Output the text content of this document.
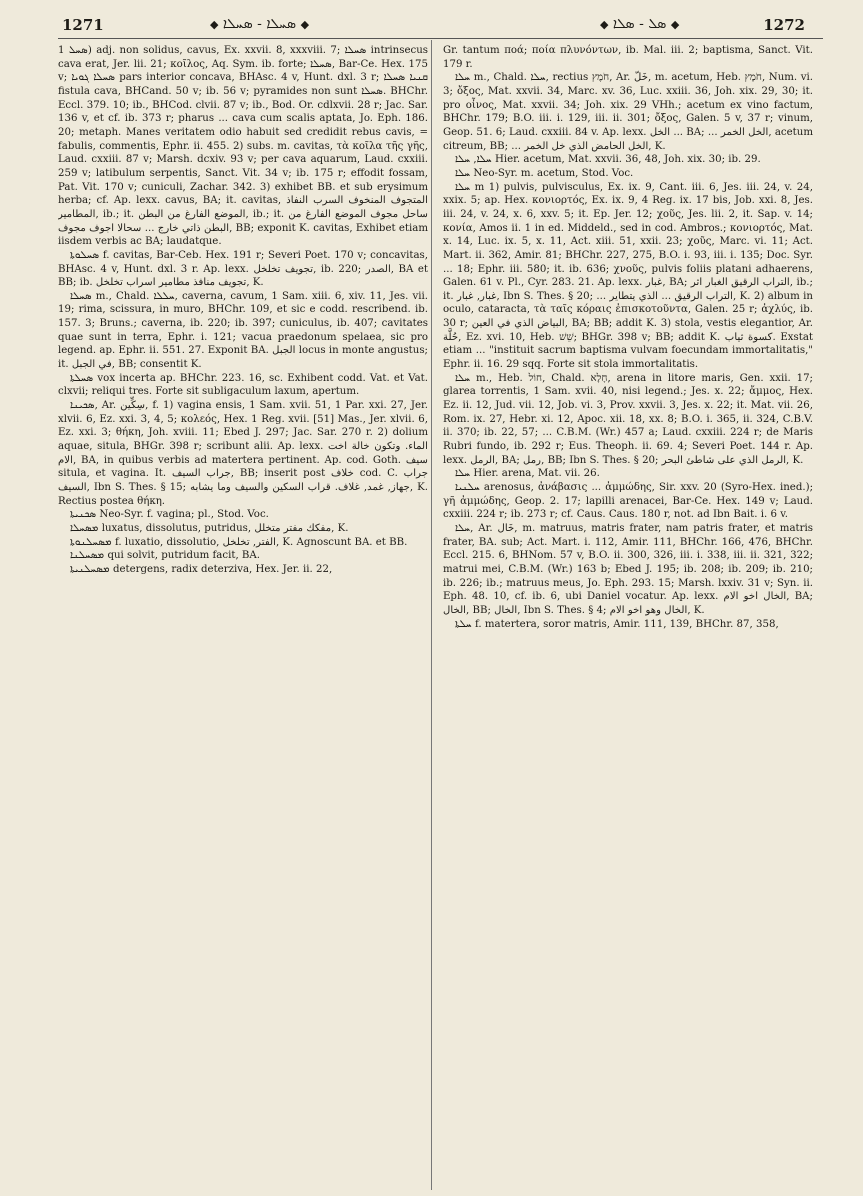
1271	◆ ܣܚܠܐ - ܣܚܠܐ ◆	◆ ܣܠ - ܣܠܐ ◆	1272

ܣܚܠ 1) adj. non solidus, cavus, Ex. xxvii. 8, xxxviii. 7; ܣܚܠܐ intrinsecus cava erat, Jer. lii. 21; κοῖλος, Aq. Sym. ib. forte; ܣܚܠܐ, Bar-Ce. Hex. 175 v; ܣܚܠܐ ܓܘܝܐ pars interior concava, BHAsc. 4 v, Hunt. dxl. 3 r; ܩܢܝܐ ܣܚܠܐ fistula cava, BHCand. 50 v; ib. 56 v; pyramides non sunt ܣܚܠܐ. BHChr. Eccl. 379. 10; ib., BHCod. clvii. 87 v; ib., Bod. Or. cdlxvii. 28 r; Jac. Sar. 136 v, et cf. ib. 373 r; pharus ... cava cum scalis aptata, Jo. Eph. 186. 20; metaph. Manes veritatem odio habuit sed credidit rebus cavis, = fabulis, commentis, Ephr. ii. 455. 2) subs. m. cavitas, τὰ κοῖλα τῆς γῆς, Laud. cxxiii. 87 v; Marsh. dcxiv. 93 v; per cava aquarum, Laud. cxxiii. 259 v; latibulum serpentis, Sanct. Vit. 34 v; ib. 175 r; effodit fossam, Pat. Vit. 170 v; cuniculi, Zachar. 342. 3) exhibet BB. et sub erysimum herba; cf. Ap. lexx. cavus, BA; it. cavitas, المتجوف المنخوف السرب النفاذ المطامير, ib.; it. الموضع الفارغ من البطن, ib.; it. ساحل مجوف الموضع الفارغ من البطن ذاتي خارج ... سحالا اجوف مجوف, BB; exponit K. cavitas, Exhibet etiam iisdem verbis ac BA; laudatque.

ܣܚܠܘܬܐ f. cavitas, Bar-Ceb. Hex. 191 r; Severi Poet. 170 v; concavitas, BHAsc. 4 v, Hunt. dxl. 3 r. Ap. lexx. تجويف تخلخل, ib. 220; الصدر, BA et BB; ib. تجويف منافذ مطامير اسراب تخلخل, K.

ܣܚܠܐ m., Chald. ܚܠܠܐ, caverna, cavum, 1 Sam. xiii. 6, xiv. 11, Jes. vii. 19; rima, scissura, in muro, BHChr. 109, et sic e codd. rescribend. ib. 157. 3; Bruns.; caverna, ib. 220; ib. 397; cuniculus, ib. 407; cavitates quae sunt in terra, Ephr. i. 121; vacua praedonum spelaea, sic pro legend. ap. Ephr. ii. 551. 27. Exponit BA. الجبل locus in monte angustus; it. في الجبل, BB; consentit K.

ܣܚܠܬܐ vox incerta ap. BHChr. 223. 16, sc. Exhibent codd. Vat. et Vat. clxvii; reliqui tres. Forte sit subligaculum laxum, apertum.

ܣܟܝܢܐ, Ar. سِكِّين, f. 1) vagina ensis, 1 Sam. xvii. 51, 1 Par. xxi. 27, Jer. xlvii. 6, Ez. xxi. 3, 4, 5; κολεός, Hex. 1 Reg. xvii. [51] Mas., Jer. xlvii. 6, Ez. xxi. 3; θήκη, Joh. xviii. 11; Ebed J. 297; Jac. Sar. 270 r. 2) dolium aquae, situla, BHGr. 398 r; scribunt alii. Ap. lexx. الماء. وتكون خالة اخت الام, BA, in quibus verbis ad matertera pertinent. Ap. cod. Goth. سيف situla, et vagina. It. جراب السيف, BB; inserit post خلاف cod. C. جراب السيف, Ibn S. Thes. § 15; جهاز, غمد, غلاف. قراب السكين والسيف وما يشابه, K. Rectius postea θήκη.

ܣܟܢܝܬܐ Neo-Syr. f. vagina; pl., Stod. Voc.

ܡܣܚܠܐ luxatus, dissolutus, putridus, مفكك مفتر متخلل, K.

ܡܣܚܠܢܘܬܐ f. luxatio, dissolutio, الفتر, تخلخل, K. Agnoscunt BA. et BB.

ܡܣܚܠܢܐ qui solvit, putridum facit, BA.

ܡܣܚܠܢܝܬܐ detergens, radix deterziva, Hex. Jer. ii. 22,

Gr. tantum ποά; ποία πλυνόντων, ib. Mal. iii. 2; baptisma, Sanct. Vit. 179 r.

ܚܠܐ m., Chald. ܚܠܐ, rectius חֹמֶץ, Ar. خَلّ, m. acetum, Heb. חֹמֶץ, Num. vi. 3; ὄξος, Mat. xxvii. 34, Marc. xv. 36, Luc. xxiii. 36, Joh. xix. 29, 30; it. pro οἶνος, Mat. xxvii. 34; Joh. xix. 29 VHh.; acetum ex vino factum, BHChr. 179; B.O. iii. i. 129, iii. ii. 301; ὄξος, Galen. 5 v, 37 r; vinum, Geop. 51. 6; Laud. cxxiii. 84 v. Ap. lexx. الخل ... BA; ... الخل الخمر, acetum citreum, BB; ... الخل الحامض الذي خل الخمر, K.

ܚܠܐ, ܚܠܐ Hier. acetum, Mat. xxvii. 36, 48, Joh. xix. 30; ib. 29.

ܚܠܐ Neo-Syr. m. acetum, Stod. Voc.

ܚܠܐ m 1) pulvis, pulvisculus, Ex. ix. 9, Cant. iii. 6, Jes. iii. 24, v. 24, xxix. 5; ap. Hex. κονιορτός, Ex. ix. 9, 4 Reg. ix. 17 bis, Job. xxi. 8, Jes. iii. 24, v. 24, x. 6, xxv. 5; it. Ep. Jer. 12; χοῦς, Jes. lii. 2, it. Sap. v. 14; κονία, Amos ii. 1 in ed. Middeld., sed in cod. Ambros.; κονιορτός, Mat. x. 14, Luc. ix. 5, x. 11, Act. xiii. 51, xxii. 23; χοῦς, Marc. vi. 11; Act. Mart. ii. 362, Amir. 81; BHChr. 227, 275, B.O. i. 93, iii. i. 135; Doc. Syr. ... 18; Ephr. iii. 580; it. ib. 636; χνοῦς, pulvis foliis platani adhaerens, Galen. 61 v. Pl., Cyr. 283. 21. Ap. lexx. غبار, BA; التراب الرقيق الغبار اثر, ib.; it. غبار, غبار, Ibn S. Thes. § 20; ... التراب الرقيق ... الذي يتطاير, K. 2) album in oculo, cataracta, τὰ ταῖς κόραις ἐπισκοτοῦντα, Galen. 25 r; ἀχλύς, ib. 30 r; البياض الذي في العين, BA; BB; addit K. 3) stola, vestis elegantior, Ar. حُلَّة, Ez. xvi. 10, Heb. שֵׁשׁ; BHGr. 398 v; BB; addit K. كسوة ثياب. Exstat etiam ... "instituit sacrum baptisma vulvam foecundam immortalitatis," Ephr. ii. 16. 29 sqq. Forte sit stola immortalitatis.

ܚܠܐ m., Heb. חוֹל, Chald. חָלָא, arena in litore maris, Gen. xxii. 17; glarea torrentis, 1 Sam. xvii. 40, nisi legend.; Jes. x. 22; ἄμμος, Hex. Ez. ii. 12, Jud. vii. 12, Job. vi. 3, Prov. xxvii. 3, Jes. x. 22; it. Mat. vii. 26, Rom. ix. 27, Hebr. xi. 12, Apoc. xii. 18, xx. 8; B.O. i. 365, ii. 324, C.B.V. ii. 370; ib. 22, 57; ... C.B.M. (Wr.) 457 a; Laud. cxxiii. 224 r; de Maris Rubri fundo, ib. 292 r; Eus. Theoph. ii. 69. 4; Severi Poet. 144 r. Ap. lexx. الرمل, BA; رمل, BB; Ibn S. Thes. § 20; الرمل الذي على شاطئ البحر, K.

ܚܠܐ Hier. arena, Mat. vii. 26.

ܚܠܢܝܐ arenosus, ἀνάβασις ... ἀμμώδης, Sir. xxv. 20 (Syro-Hex. ined.); γῆ ἀμμώδης, Geop. 2. 17; lapilli arenacei, Bar-Ce. Hex. 149 v; Laud. cxxiii. 224 r; ib. 273 r; cf. Caus. Caus. 180 r, not. ad Ibn Bait. i. 6 v.

ܚܠܐ, Ar. خَال, m. matruus, matris frater, nam patris frater, et matris frater, BA. sub; Act. Mart. i. 112, Amir. 111, BHChr. 166, 476, BHChr. Eccl. 215. 6, BHNom. 57 v, B.O. ii. 300, 326, iii. i. 338, iii. ii. 321, 322; matrui mei, C.B.M. (Wr.) 163 b; Ebed J. 195; ib. 208; ib. 209; ib. 210; ib. 226; ib.; matruus meus, Jo. Eph. 293. 15; Marsh. lxxiv. 31 v; Syn. ii. Eph. 48. 10, cf. ib. 6, ubi Daniel vocatur. Ap. lexx. الخال اخو الام, BA; الخال, BB; الخال, Ibn S. Thes. § 4; الخال وهو اخو الام, K.

ܚܠܬܐ f. matertera, soror matris, Amir. 111, 139, BHChr. 87, 358,
